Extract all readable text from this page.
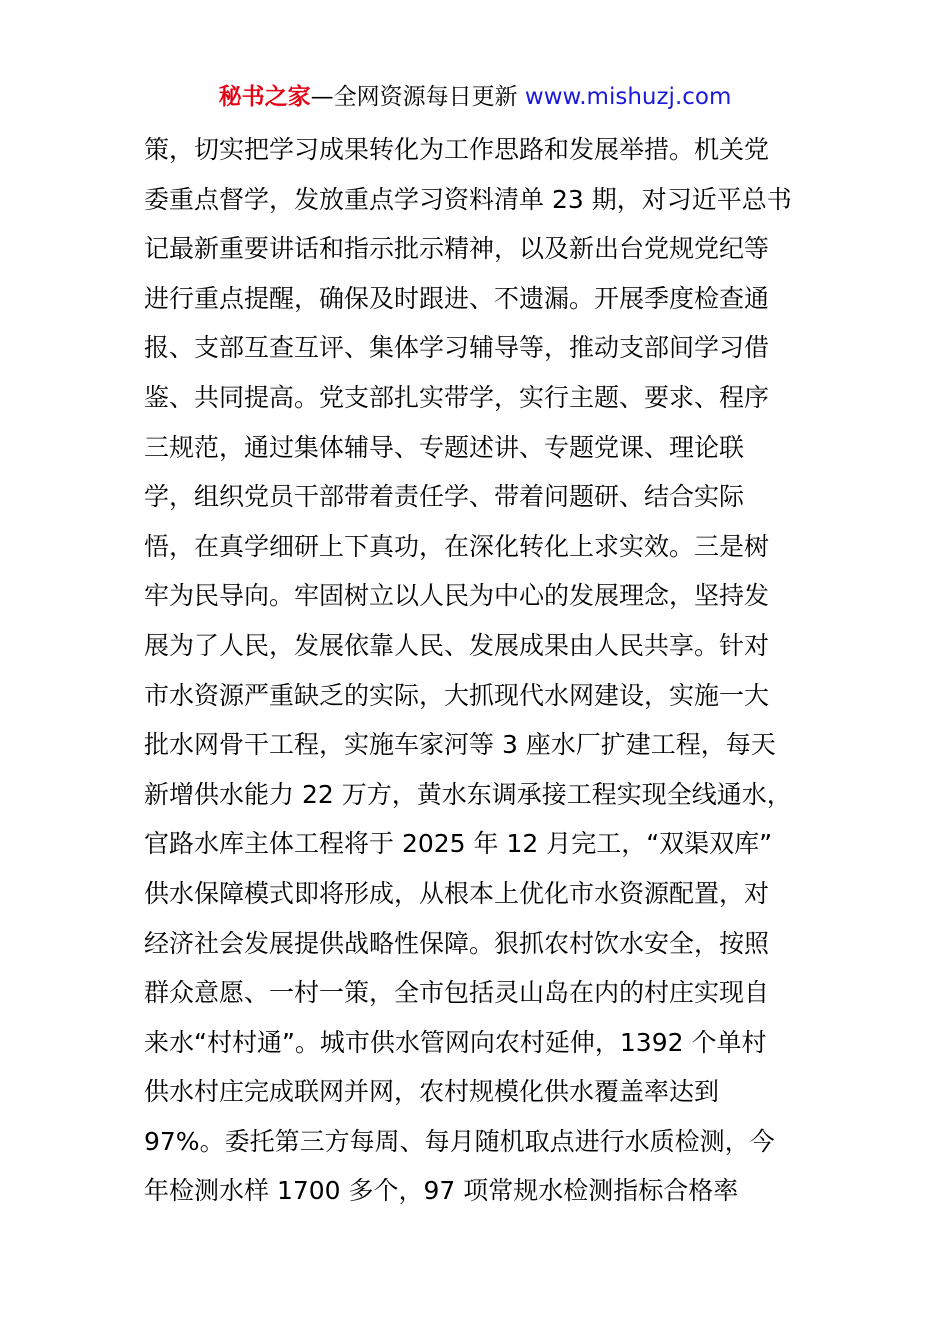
秘书之家—全网资源每日更新 www.mishuzj.com
策，切实把学习成果转化为工作思路和发展举措。机关党
委重点督学，发放重点学习资料清单 23 期，对习近平总书
记最新重要讲话和指示批示精神，以及新出台党规党纪等
进行重点提醒，确保及时跟进、不遗漏。开展季度检查通
报、支部互查互评、集体学习辅导等，推动支部间学习借
鉴、共同提高。党支部扎实带学，实行主题、要求、程序
三规范，通过集体辅导、专题述讲、专题党课、理论联
学，组织党员干部带着责任学、带着问题研、结合实际
悟，在真学细研上下真功，在深化转化上求实效。三是树
牢为民导向。牢固树立以人民为中心的发展理念，坚持发
展为了人民，发展依靠人民、发展成果由人民共享。针对
市水资源严重缺乏的实际，大抓现代水网建设，实施一大
批水网骨干工程，实施车家河等 3 座水厂扩建工程，每天
新增供水能力 22 万方，黄水东调承接工程实现全线通水，
官路水库主体工程将于 2025 年 12 月完工，“双渠双库”
供水保障模式即将形成，从根本上优化市水资源配置，对
经济社会发展提供战略性保障。狠抓农村饮水安全，按照
群众意愿、一村一策，全市包括灵山岛在内的村庄实现自
来水“村村通”。城市供水管网向农村延伸，1392 个单村
供水村庄完成联网并网，农村规模化供水覆盖率达到
97%。委托第三方每周、每月随机取点进行水质检测，今
年检测水样 1700 多个，97 项常规水检测指标合格率
